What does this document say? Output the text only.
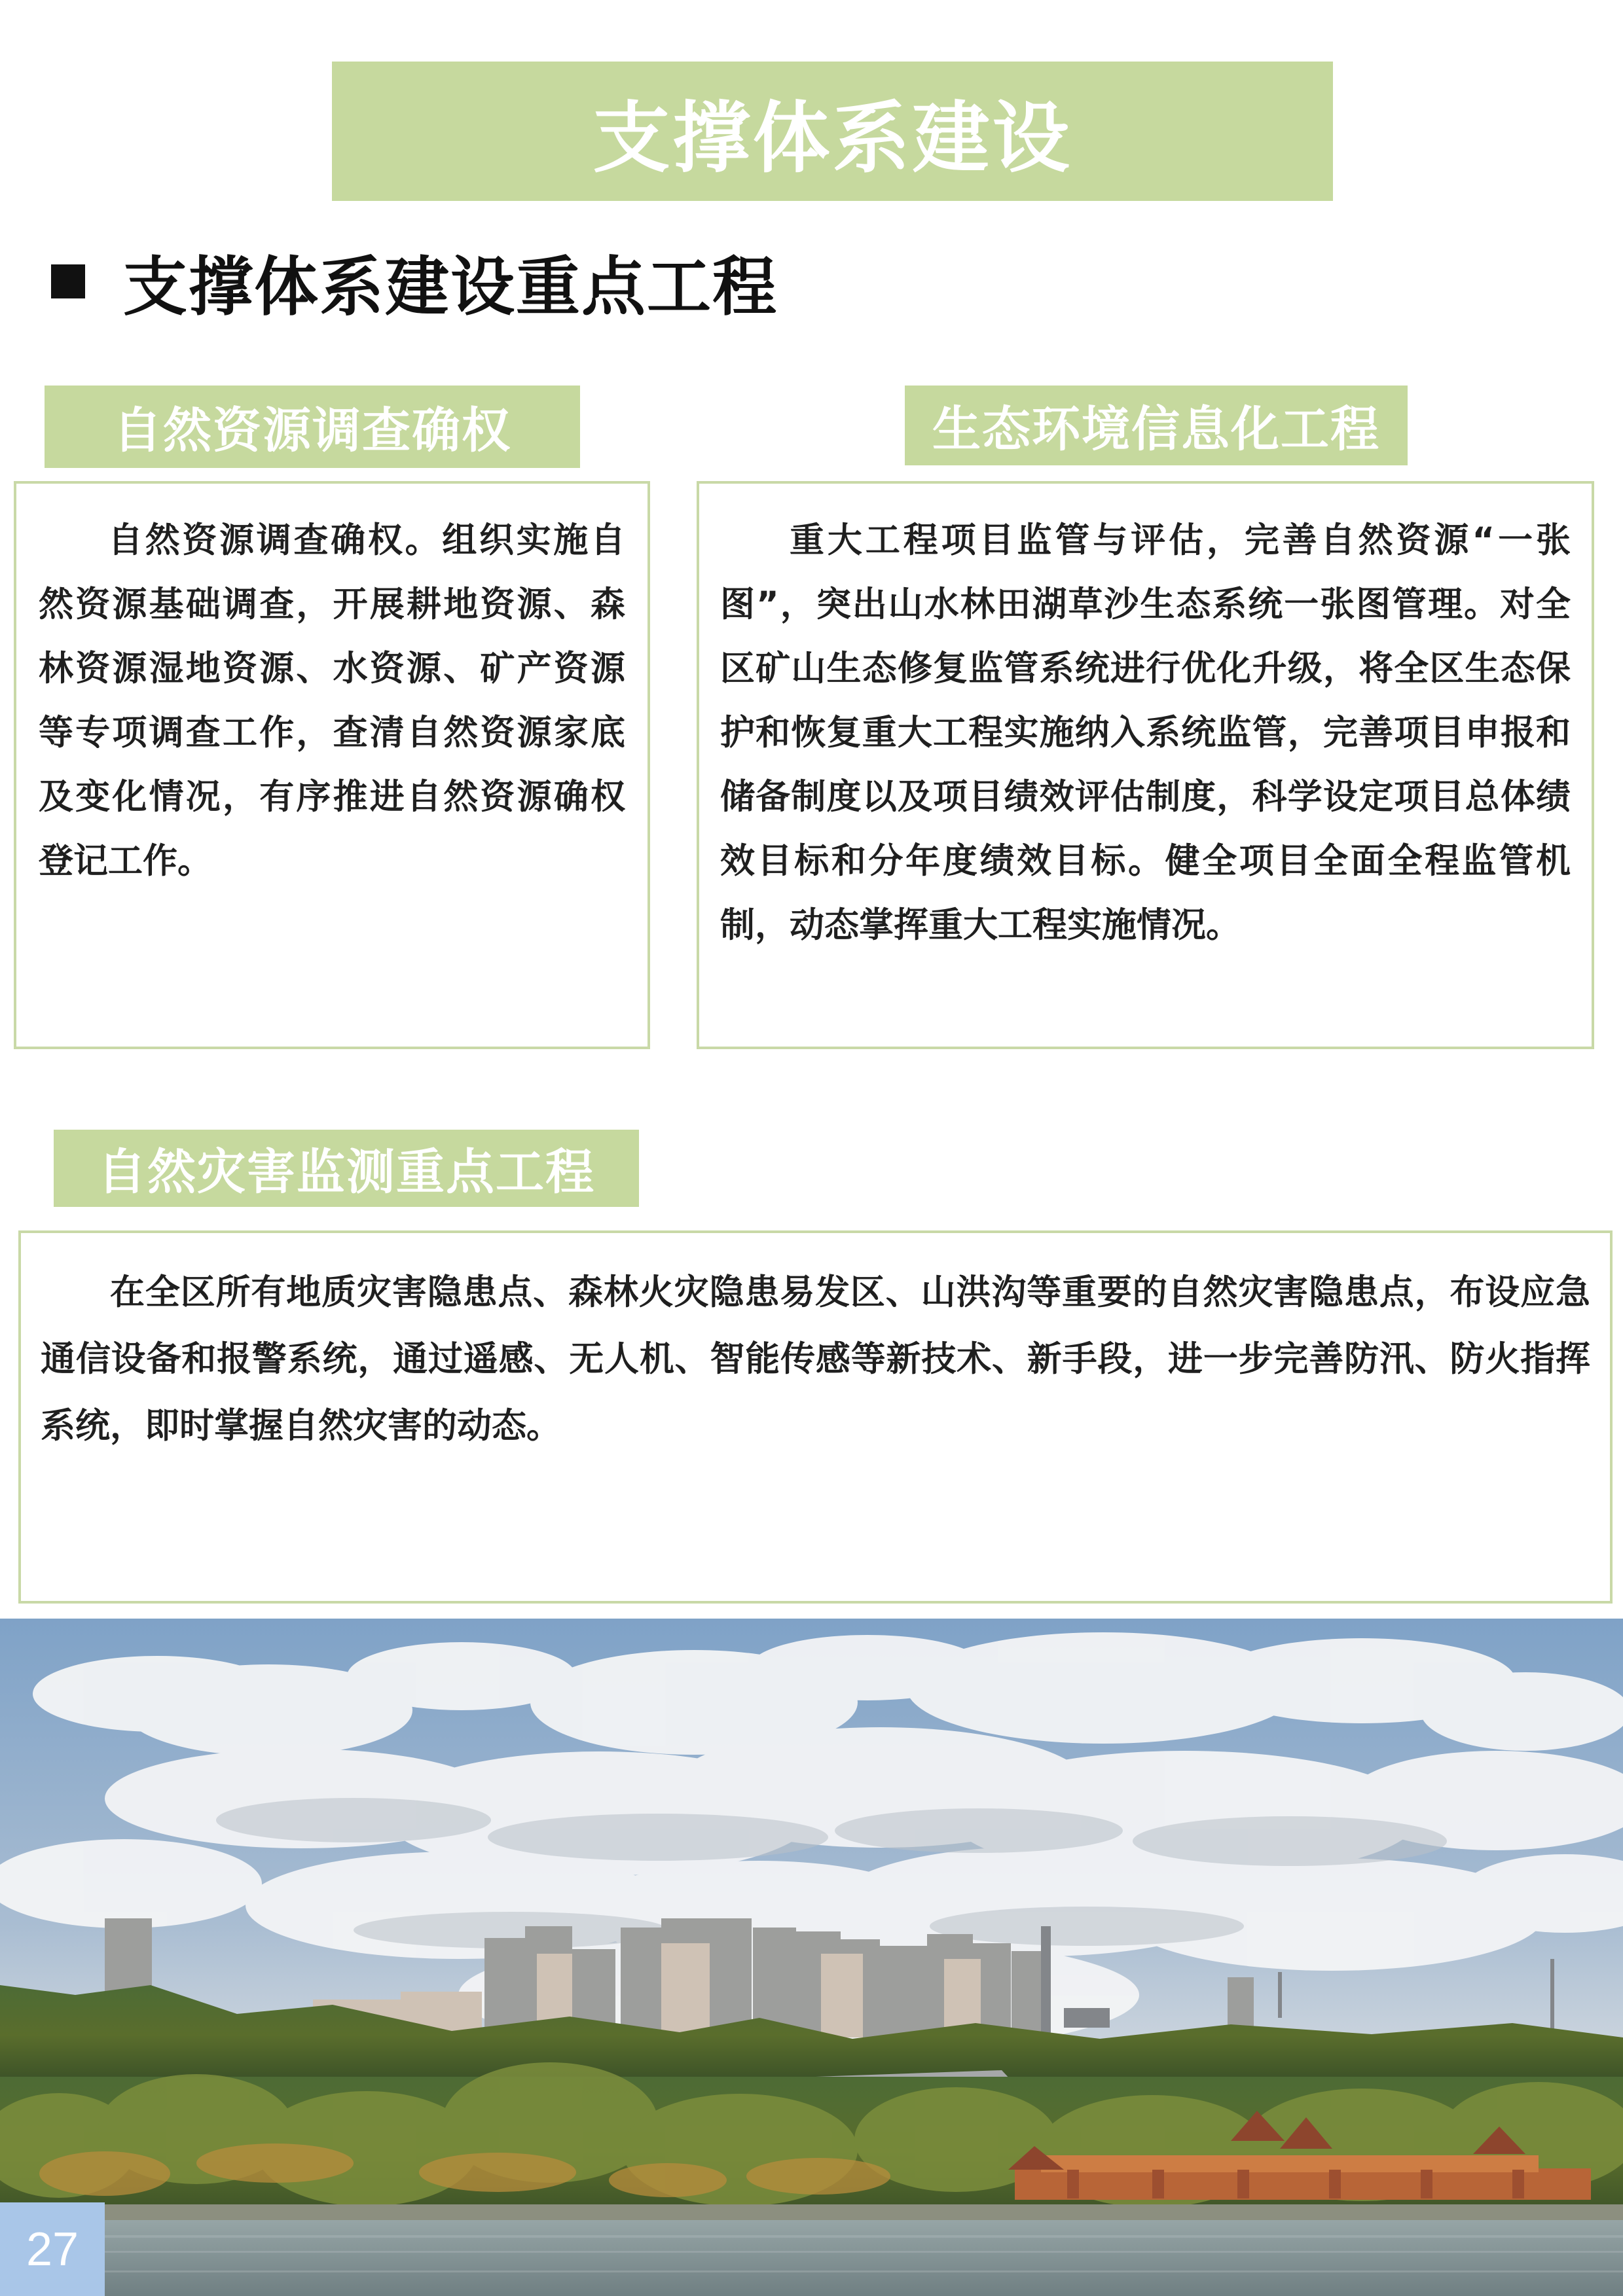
支撑体系建设
支撑体系建设重点工程
自然资源调查确权

自然资源调查确权。组织实施自然资源基础调查，开展耕地资源、森林资源湿地资源、水资源、矿产资源等专项调查工作，查清自然资源家底及变化情况，有序推进自然资源确权登记工作。

生态环境信息化工程

重大工程项目监管与评估，完善自然资源“一张图”，突出山水林田湖草沙生态系统一张图管理。对全区矿山生态修复监管系统进行优化升级，将全区生态保护和恢复重大工程实施纳入系统监管，完善项目申报和储备制度以及项目绩效评估制度，科学设定项目总体绩效目标和分年度绩效目标。健全项目全面全程监管机制，动态掌挥重大工程实施情况。

自然灾害监测重点工程

在全区所有地质灾害隐患点、森林火灾隐患易发区、山洪沟等重要的自然灾害隐患点，布设应急通信设备和报警系统，通过遥感、无人机、智能传感等新技术、新手段，进一步完善防汛、防火指挥系统，即时掌握自然灾害的动态。

27
